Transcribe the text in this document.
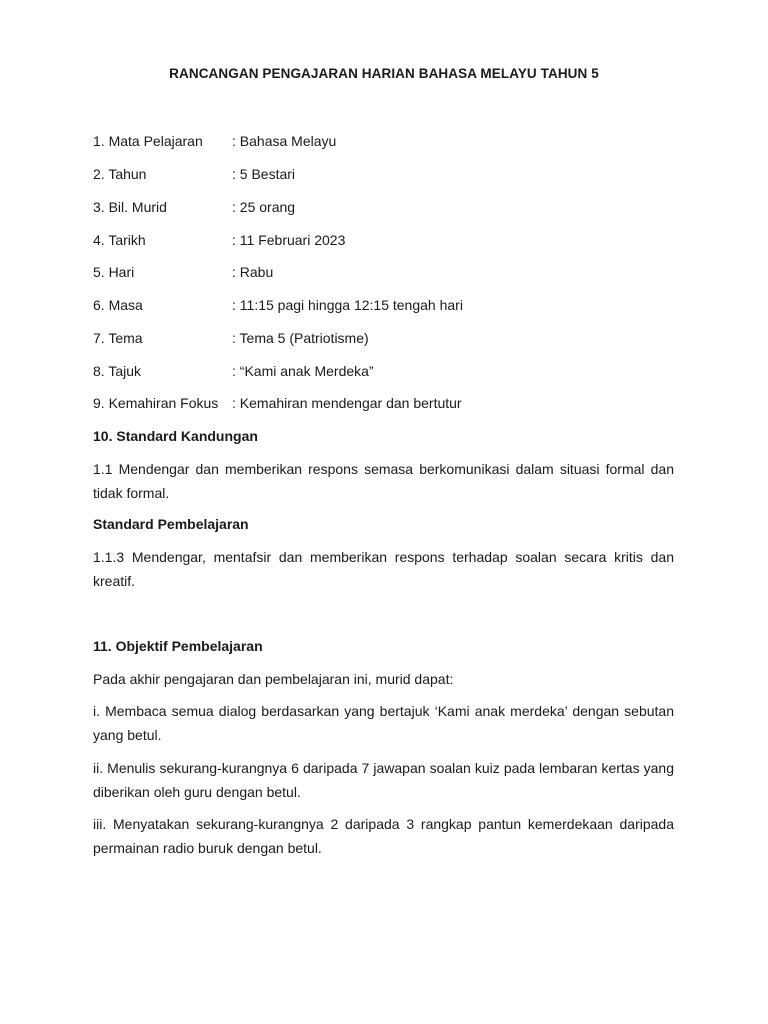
RANCANGAN PENGAJARAN HARIAN BAHASA MELAYU TAHUN 5
1. Mata Pelajaran : Bahasa Melayu
2. Tahun	: 5 Bestari
3. Bil. Murid	: 25 orang
4. Tarikh	: 11 Februari 2023
5. Hari	: Rabu
6. Masa	: 11:15 pagi hingga 12:15 tengah hari
7. Tema	: Tema 5 (Patriotisme)
8. Tajuk	: “Kami anak Merdeka”
9. Kemahiran Fokus : Kemahiran mendengar dan bertutur
10. Standard Kandungan
1.1 Mendengar dan memberikan respons semasa berkomunikasi dalam situasi formal dan tidak formal.
Standard Pembelajaran
1.1.3 Mendengar, mentafsir dan memberikan respons terhadap soalan secara kritis dan kreatif.
11. Objektif Pembelajaran
Pada akhir pengajaran dan pembelajaran ini, murid dapat:
i. Membaca semua dialog berdasarkan yang bertajuk ‘Kami anak merdeka’ dengan sebutan yang betul.
ii. Menulis sekurang-kurangnya 6 daripada 7 jawapan soalan kuiz pada lembaran kertas yang diberikan oleh guru dengan betul.
iii. Menyatakan sekurang-kurangnya 2 daripada 3 rangkap pantun kemerdekaan daripada permainan radio buruk dengan betul.
